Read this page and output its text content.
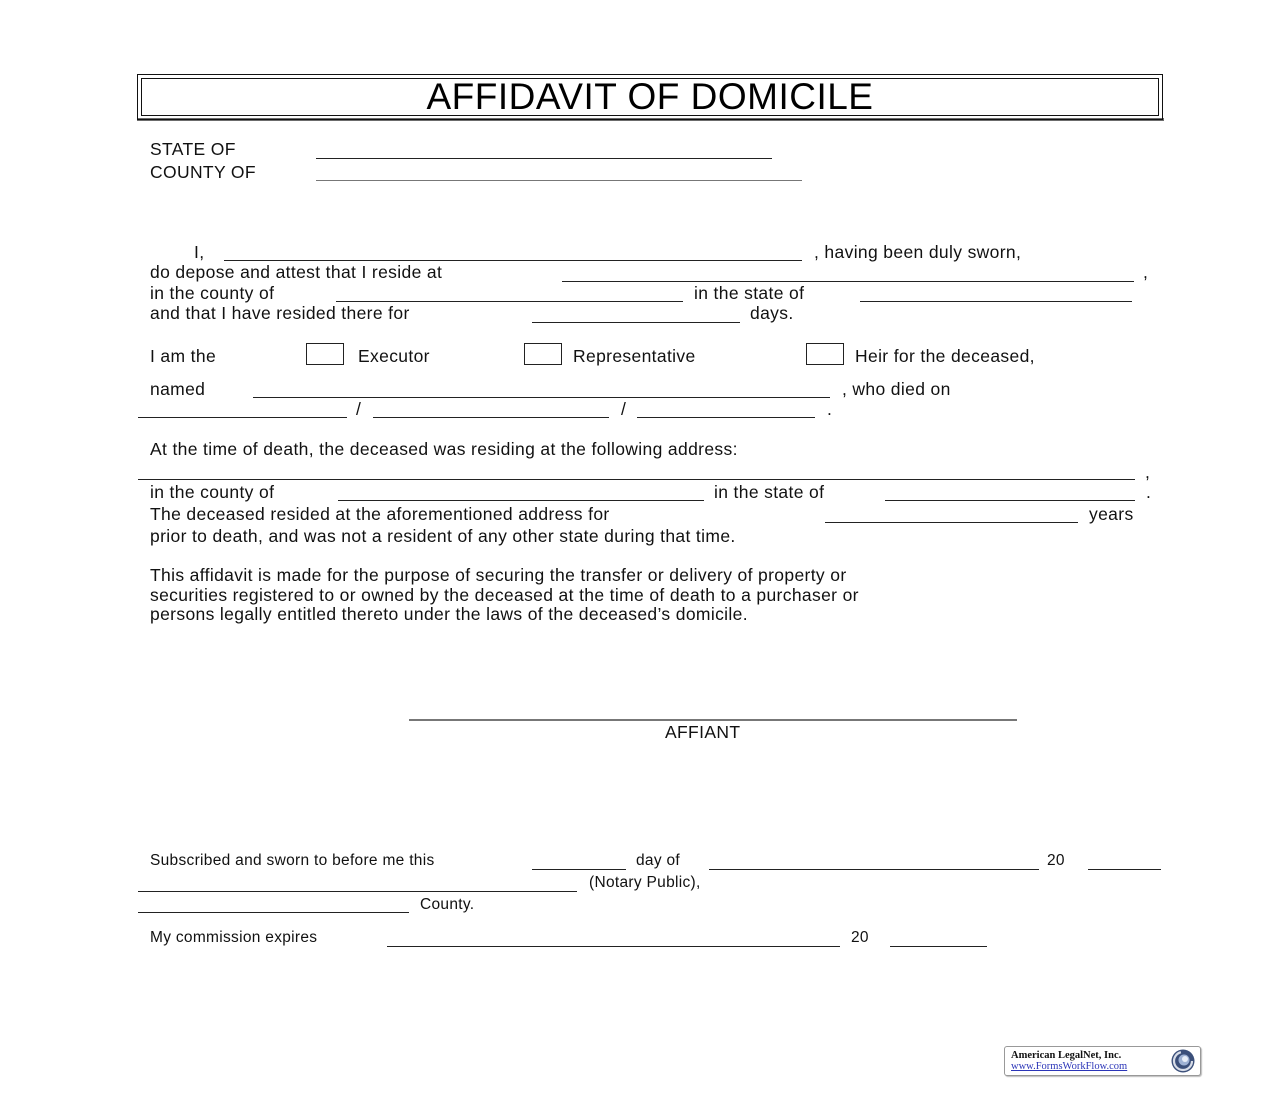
AFFIDAVIT OF DOMICILE
STATE OF
COUNTY OF
I,	, having been duly sworn,
do depose and attest that I reside at	,
in the county of	in the state of
and that I have resided there for	days.
I am the	Executor	Representative	Heir for the deceased,
named	, who died on
/	/	.
At the time of death, the deceased was residing at the following address:
,
in the county of	in the state of	.
The deceased resided at the aforementioned address for	years
prior to death, and was not a resident of any other state during that time.
This affidavit is made for the purpose of securing the transfer or delivery of property or
securities registered to or owned by the deceased at the time of death to a purchaser or
persons legally entitled thereto under the laws of the deceased’s domicile.
AFFIANT
Subscribed and sworn to before me this	day of	20
(Notary Public),
County.
My commission expires	20
American LegalNet, Inc.
www.FormsWorkFlow.com
